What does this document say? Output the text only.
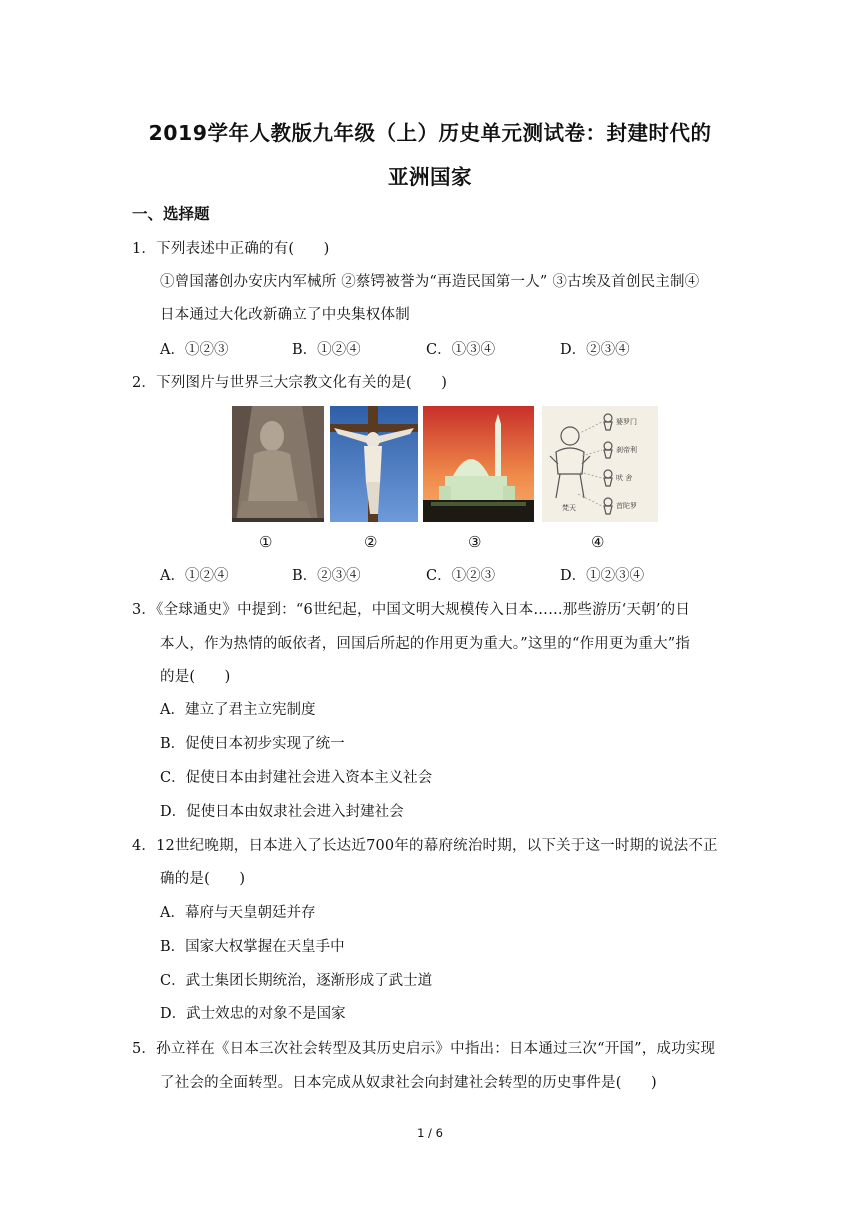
2019学年人教版九年级（上）历史单元测试卷：封建时代的
亚洲国家
一、选择题
1．下列表述中正确的有(　　)
①曾国藩创办安庆内军械所 ②蔡锷被誉为“再造民国第一人” ③古埃及首创民主制④
日本通过大化改新确立了中央集权体制
A．①②③	B．①②④	C．①③④	D．②③④
2．下列图片与世界三大宗教文化有关的是(　　)
婆罗门
刹帝利
吠 舍
首陀罗
梵天
①	②	③	④
A．①②④	B．②③④	C．①②③	D．①②③④
3．《全球通史》中提到：“6世纪起，中国文明大规模传入日本……那些游历‘天朝’的日
本人，作为热情的皈依者，回国后所起的作用更为重大。”这里的“作用更为重大”指
的是(　　)
A．建立了君主立宪制度
B．促使日本初步实现了统一
C．促使日本由封建社会进入资本主义社会
D．促使日本由奴隶社会进入封建社会
4．12世纪晚期，日本进入了长达近700年的幕府统治时期，以下关于这一时期的说法不正
确的是(　　)
A．幕府与天皇朝廷并存
B．国家大权掌握在天皇手中
C．武士集团长期统治，逐渐形成了武士道
D．武士效忠的对象不是国家
5．孙立祥在《日本三次社会转型及其历史启示》中指出：日本通过三次“开国”，成功实现
了社会的全面转型。日本完成从奴隶社会向封建社会转型的历史事件是(　　)
1 / 6
